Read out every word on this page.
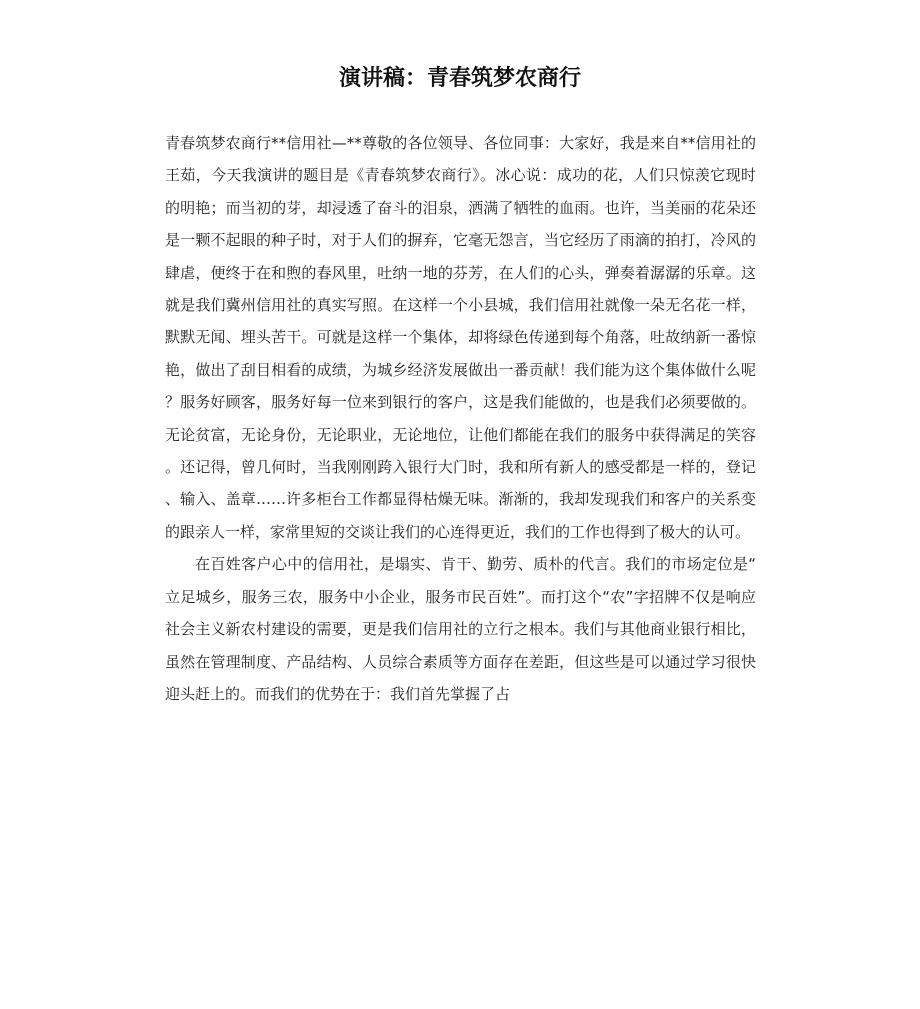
演讲稿：青春筑梦农商行

青春筑梦农商行**信用社—**尊敬的各位领导、各位同事：大家好，我是来自**信用社的王茹，今天我演讲的题目是《青春筑梦农商行》。冰心说：成功的花，人们只惊羡它现时的明艳；而当初的芽，却浸透了奋斗的泪泉，洒满了牺牲的血雨。也许，当美丽的花朵还是一颗不起眼的种子时，对于人们的摒弃，它毫无怨言，当它经历了雨滴的拍打，冷风的肆虐，便终于在和煦的春风里，吐纳一地的芬芳，在人们的心头，弹奏着潺潺的乐章。这就是我们冀州信用社的真实写照。在这样一个小县城，我们信用社就像一朵无名花一样，默默无闻、埋头苦干。可就是这样一个集体，却将绿色传递到每个角落，吐故纳新一番惊艳，做出了刮目相看的成绩，为城乡经济发展做出一番贡献！我们能为这个集体做什么呢？服务好顾客，服务好每一位来到银行的客户，这是我们能做的，也是我们必须要做的。无论贫富，无论身份，无论职业，无论地位，让他们都能在我们的服务中获得满足的笑容。还记得，曾几何时，当我刚刚跨入银行大门时，我和所有新人的感受都是一样的，登记、输入、盖章……许多柜台工作都显得枯燥无味。渐渐的，我却发现我们和客户的关系变的跟亲人一样，家常里短的交谈让我们的心连得更近，我们的工作也得到了极大的认可。

在百姓客户心中的信用社，是塌实、肯干、勤劳、质朴的代言。我们的市场定位是“立足城乡，服务三农，服务中小企业，服务市民百姓”。而打这个“农”字招牌不仅是响应社会主义新农村建设的需要，更是我们信用社的立行之根本。我们与其他商业银行相比，虽然在管理制度、产品结构、人员综合素质等方面存在差距，但这些是可以通过学习很快迎头赶上的。而我们的优势在于：我们首先掌握了占
